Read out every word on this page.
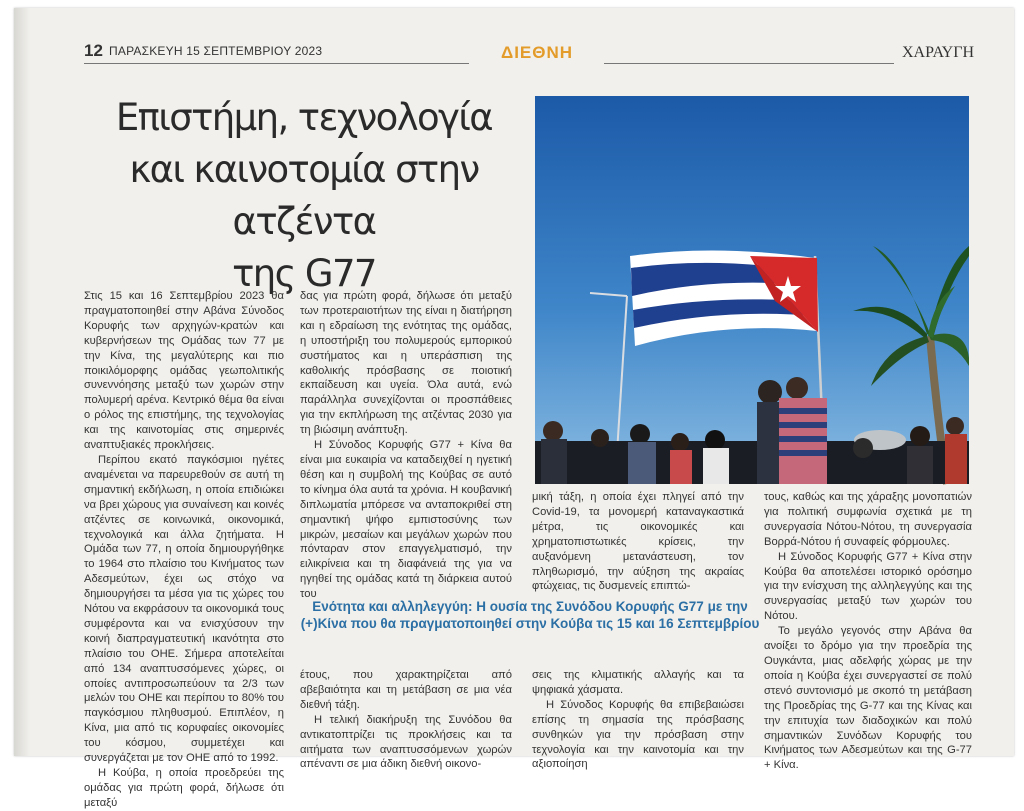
12 ΠΑΡΑΣΚΕΥΗ 15 ΣΕΠΤΕΜΒΡΙΟΥ 2023	ΔΙΕΘΝΗ	ΧΑΡΑΥΓΗ
Επιστήμη, τεχνολογία
και καινοτομία στην ατζέντα
της G77

Στις 15 και 16 Σεπτεμβρίου 2023 θα πραγματοποιηθεί στην Αβάνα Σύνοδος Κορυφής των αρχηγών-κρατών και κυβερνήσεων της Ομάδας των 77 με την Κίνα, της μεγαλύτερης και πιο ποικιλόμορφης ομάδας γεωπολιτικής συνεννόησης μεταξύ των χωρών στην πολυμερή αρένα. Κεντρικό θέμα θα είναι ο ρόλος της επιστήμης, της τεχνολογίας και της καινοτομίας στις σημερινές αναπτυξιακές προκλήσεις.

Περίπου εκατό παγκόσμιοι ηγέτες αναμένεται να παρευρεθούν σε αυτή τη σημαντική εκδήλωση, η οποία επιδιώκει να βρει χώρους για συναίνεση και κοινές ατζέντες σε κοινωνικά, οικονομικά, τεχνολογικά και άλλα ζητήματα. Η Ομάδα των 77, η οποία δημιουργήθηκε το 1964 στο πλαίσιο του Κινήματος των Αδεσμεύτων, έχει ως στόχο να δημιουργήσει τα μέσα για τις χώρες του Νότου να εκφράσουν τα οικονομικά τους συμφέροντα και να ενισχύσουν την κοινή διαπραγματευτική ικανότητα στο πλαίσιο του ΟΗΕ. Σήμερα αποτελείται από 134 αναπτυσσόμενες χώρες, οι οποίες αντιπροσωπεύουν τα 2/3 των μελών του ΟΗΕ και περίπου το 80% του παγκόσμιου πληθυσμού. Επιπλέον, η Κίνα, μια από τις κορυφαίες οικονομίες του κόσμου, συμμετέχει και συνεργάζεται με τον ΟΗΕ από το 1992.

Η Κούβα, η οποία προεδρεύει της ομάδας για πρώτη φορά, δήλωσε ότι μεταξύ

δας για πρώτη φορά, δήλωσε ότι μεταξύ των προτεραιοτήτων της είναι η διατήρηση και η εδραίωση της ενότητας της ομάδας, η υποστήριξη του πολυμερούς εμπορικού συστήματος και η υπεράσπιση της καθολικής πρόσβασης σε ποιοτική εκπαίδευση και υγεία. Όλα αυτά, ενώ παράλληλα συνεχίζονται οι προσπάθειες για την εκπλήρωση της ατζέντας 2030 για τη βιώσιμη ανάπτυξη.

Η Σύνοδος Κορυφής G77 + Κίνα θα είναι μια ευκαιρία να καταδειχθεί η ηγετική θέση και η συμβολή της Κούβας σε αυτό το κίνημα όλα αυτά τα χρόνια. Η κουβανική διπλωματία μπόρεσε να ανταποκριθεί στη σημαντική ψήφο εμπιστοσύνης των μικρών, μεσαίων και μεγάλων χωρών που πόνταραν στον επαγγελματισμό, την ειλικρίνεια και τη διαφάνειά της για να ηγηθεί της ομάδας κατά τη διάρκεια αυτού του

μική τάξη, η οποία έχει πληγεί από την Covid-19, τα μονομερή καταναγκαστικά μέτρα, τις οικονομικές και χρηματοπιστωτικές κρίσεις, την αυξανόμενη μετανάστευση, τον πληθωρισμό, την αύξηση της ακραίας φτώχειας, τις δυσμενείς επιπτώ-

Ενότητα και αλληλεγγύη: Η ουσία της Συνόδου Κορυφής G77 με την (+)Κίνα που θα πραγματοποιηθεί στην Κούβα τις 15 και 16 Σεπτεμβρίου

έτους, που χαρακτηρίζεται από αβεβαιότητα και τη μετάβαση σε μια νέα διεθνή τάξη.

Η τελική διακήρυξη της Συνόδου θα αντικατοπτρίζει τις προκλήσεις και τα αιτήματα των αναπτυσσόμενων χωρών απέναντι σε μια άδικη διεθνή οικονο-

σεις της κλιματικής αλλαγής και τα ψηφιακά χάσματα.

Η Σύνοδος Κορυφής θα επιβεβαιώσει επίσης τη σημασία της πρόσβασης συνθηκών για την πρόσβαση στην τεχνολογία και την καινοτομία και την αξιοποίηση

τους, καθώς και της χάραξης μονοπατιών για πολιτική συμφωνία σχετικά με τη συνεργασία Νότου-Νότου, τη συνεργασία Βορρά-Νότου ή συναφείς φόρμουλες.

Η Σύνοδος Κορυφής G77 + Κίνα στην Κούβα θα αποτελέσει ιστορικό ορόσημο για την ενίσχυση της αλληλεγγύης και της συνεργασίας μεταξύ των χωρών του Νότου.

Το μεγάλο γεγονός στην Αβάνα θα ανοίξει το δρόμο για την προεδρία της Ουγκάντα, μιας αδελφής χώρας με την οποία η Κούβα έχει συνεργαστεί σε πολύ στενό συντονισμό με σκοπό τη μετάβαση της Προεδρίας της G-77 και της Κίνας και την επιτυχία των διαδοχικών και πολύ σημαντικών Συνόδων Κορυφής του Κινήματος των Αδεσμεύτων και της G-77 + Κίνα.
